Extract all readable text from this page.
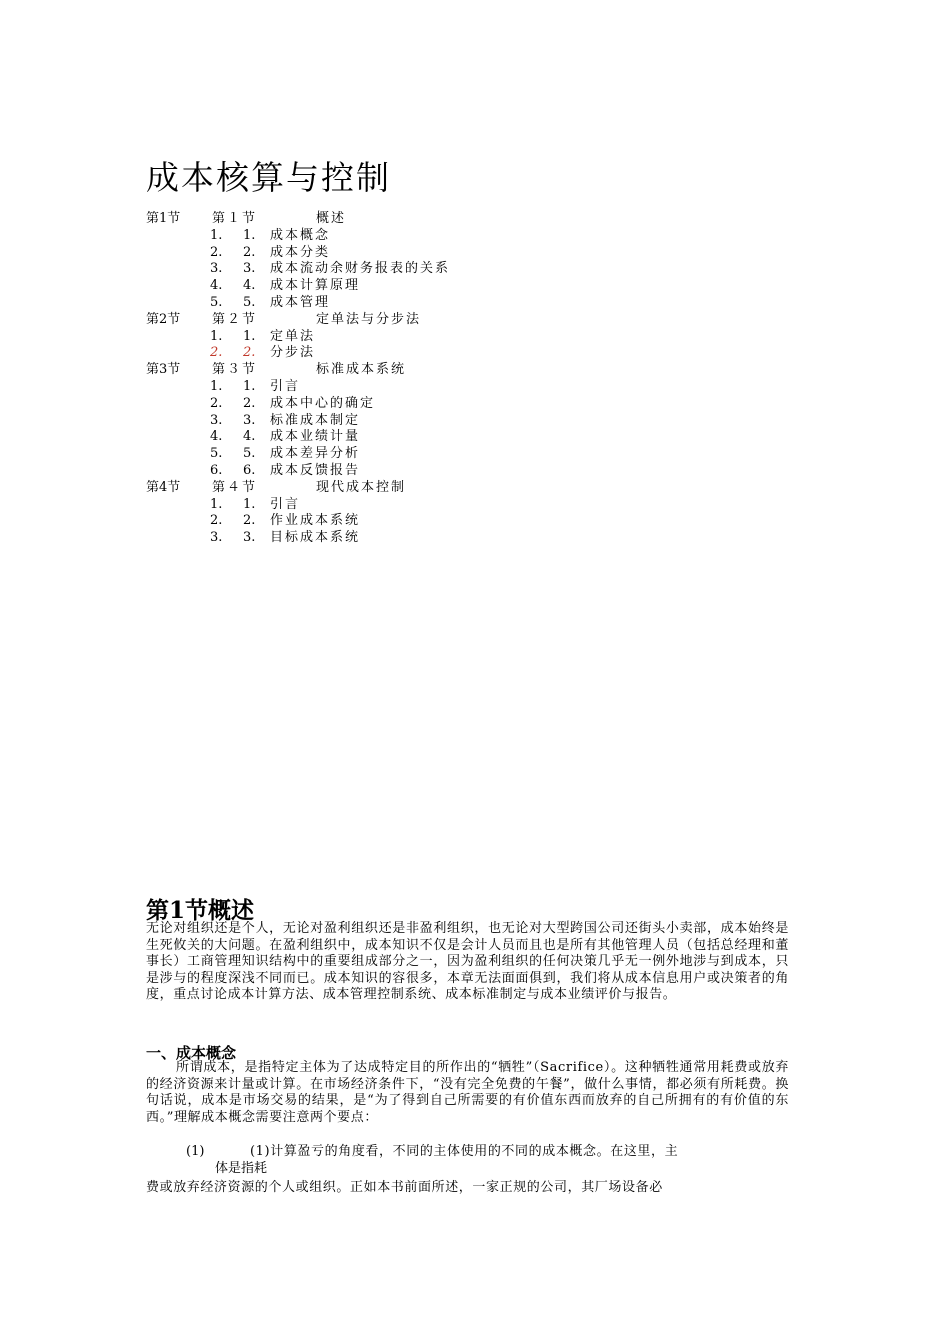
成本核算与控制
第1节 第１节	概述
1. 1. 成本概念
2. 2. 成本分类
3. 3. 成本流动余财务报表的关系
4. 4. 成本计算原理
5. 5. 成本管理
第2节 第２节	定单法与分步法
1. 1. 定单法
2. 2. 分步法
第3节 第３节	标准成本系统
1. 1. 引言
2. 2. 成本中心的确定
3. 3. 标准成本制定
4. 4. 成本业绩计量
5. 5. 成本差异分析
6. 6. 成本反馈报告
第4节 第４节	现代成本控制
1. 1. 引言
2. 2. 作业成本系统
3. 3. 目标成本系统
第1节概述

无论对组织还是个人，无论对盈利组织还是非盈利组织，也无论对大型跨国公司还街头小卖部，成本始终是生死攸关的大问题。在盈利组织中，成本知识不仅是会计人员而且也是所有其他管理人员（包括总经理和董事长）工商管理知识结构中的重要组成部分之一，因为盈利组织的任何决策几乎无一例外地涉与到成本，只是涉与的程度深浅不同而已。成本知识的容很多，本章无法面面俱到，我们将从成本信息用户或决策者的角度，重点讨论成本计算方法、成本管理控制系统、成本标准制定与成本业绩评价与报告。

一、成本概念

所谓成本，是指特定主体为了达成特定目的所作出的“牺牲”（Sacrifice）。这种牺牲通常用耗费或放弃的经济资源来计量或计算。在市场经济条件下，“没有完全免费的午餐”，做什么事情，都必须有所耗费。换句话说，成本是市场交易的结果，是“为了得到自己所需要的有价值东西而放弃的自己所拥有的有价值的东西。”理解成本概念需要注意两个要点：

(1)	(1)计算盈亏的角度看，不同的主体使用的不同的成本概念。在这里，主
体是指耗

费或放弃经济资源的个人或组织。正如本书前面所述，一家正规的公司，其厂场设备必
